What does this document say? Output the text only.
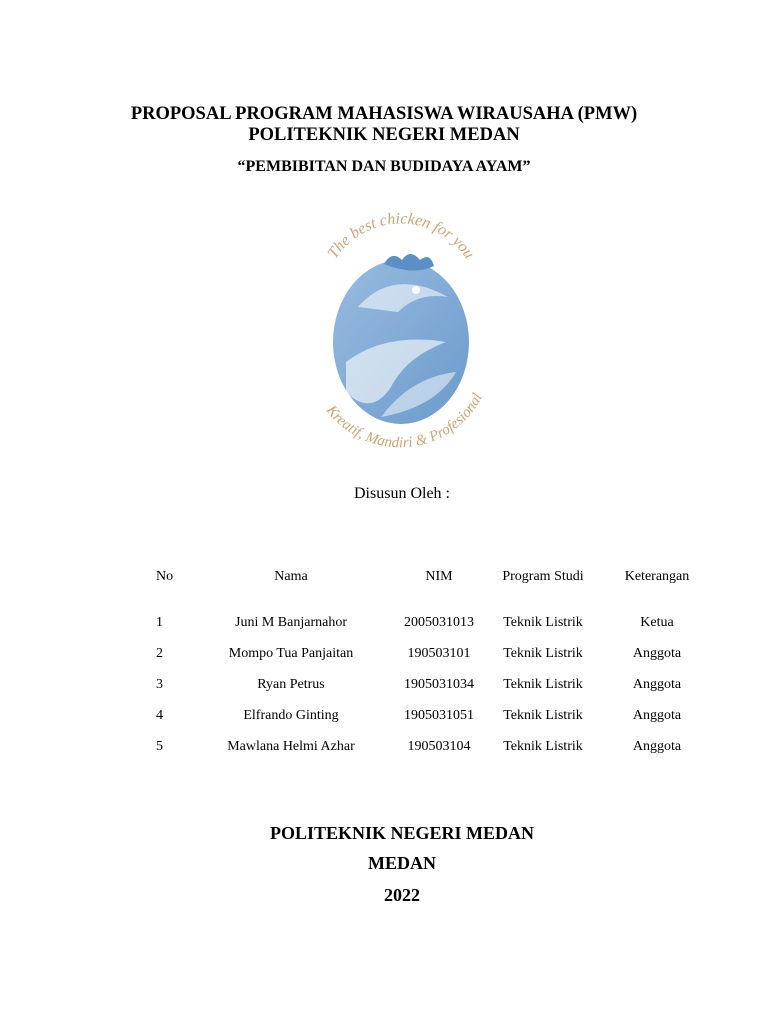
PROPOSAL PROGRAM MAHASISWA WIRAUSAHA (PMW)
POLITEKNIK NEGERI MEDAN
“PEMBIBITAN DAN BUDIDAYA AYAM”
The best chicken for you
Kreatif, Mandiri & Profesional
Disusun Oleh :
No	Nama	NIM	Program Studi	Keterangan
1	Juni M Banjarnahor	2005031013	Teknik Listrik	Ketua
2	Mompo Tua Panjaitan	190503101	Teknik Listrik	Anggota
3	Ryan Petrus	1905031034	Teknik Listrik	Anggota
4	Elfrando Ginting	1905031051	Teknik Listrik	Anggota
5	Mawlana Helmi Azhar	190503104	Teknik Listrik	Anggota
POLITEKNIK NEGERI MEDAN
MEDAN
2022
